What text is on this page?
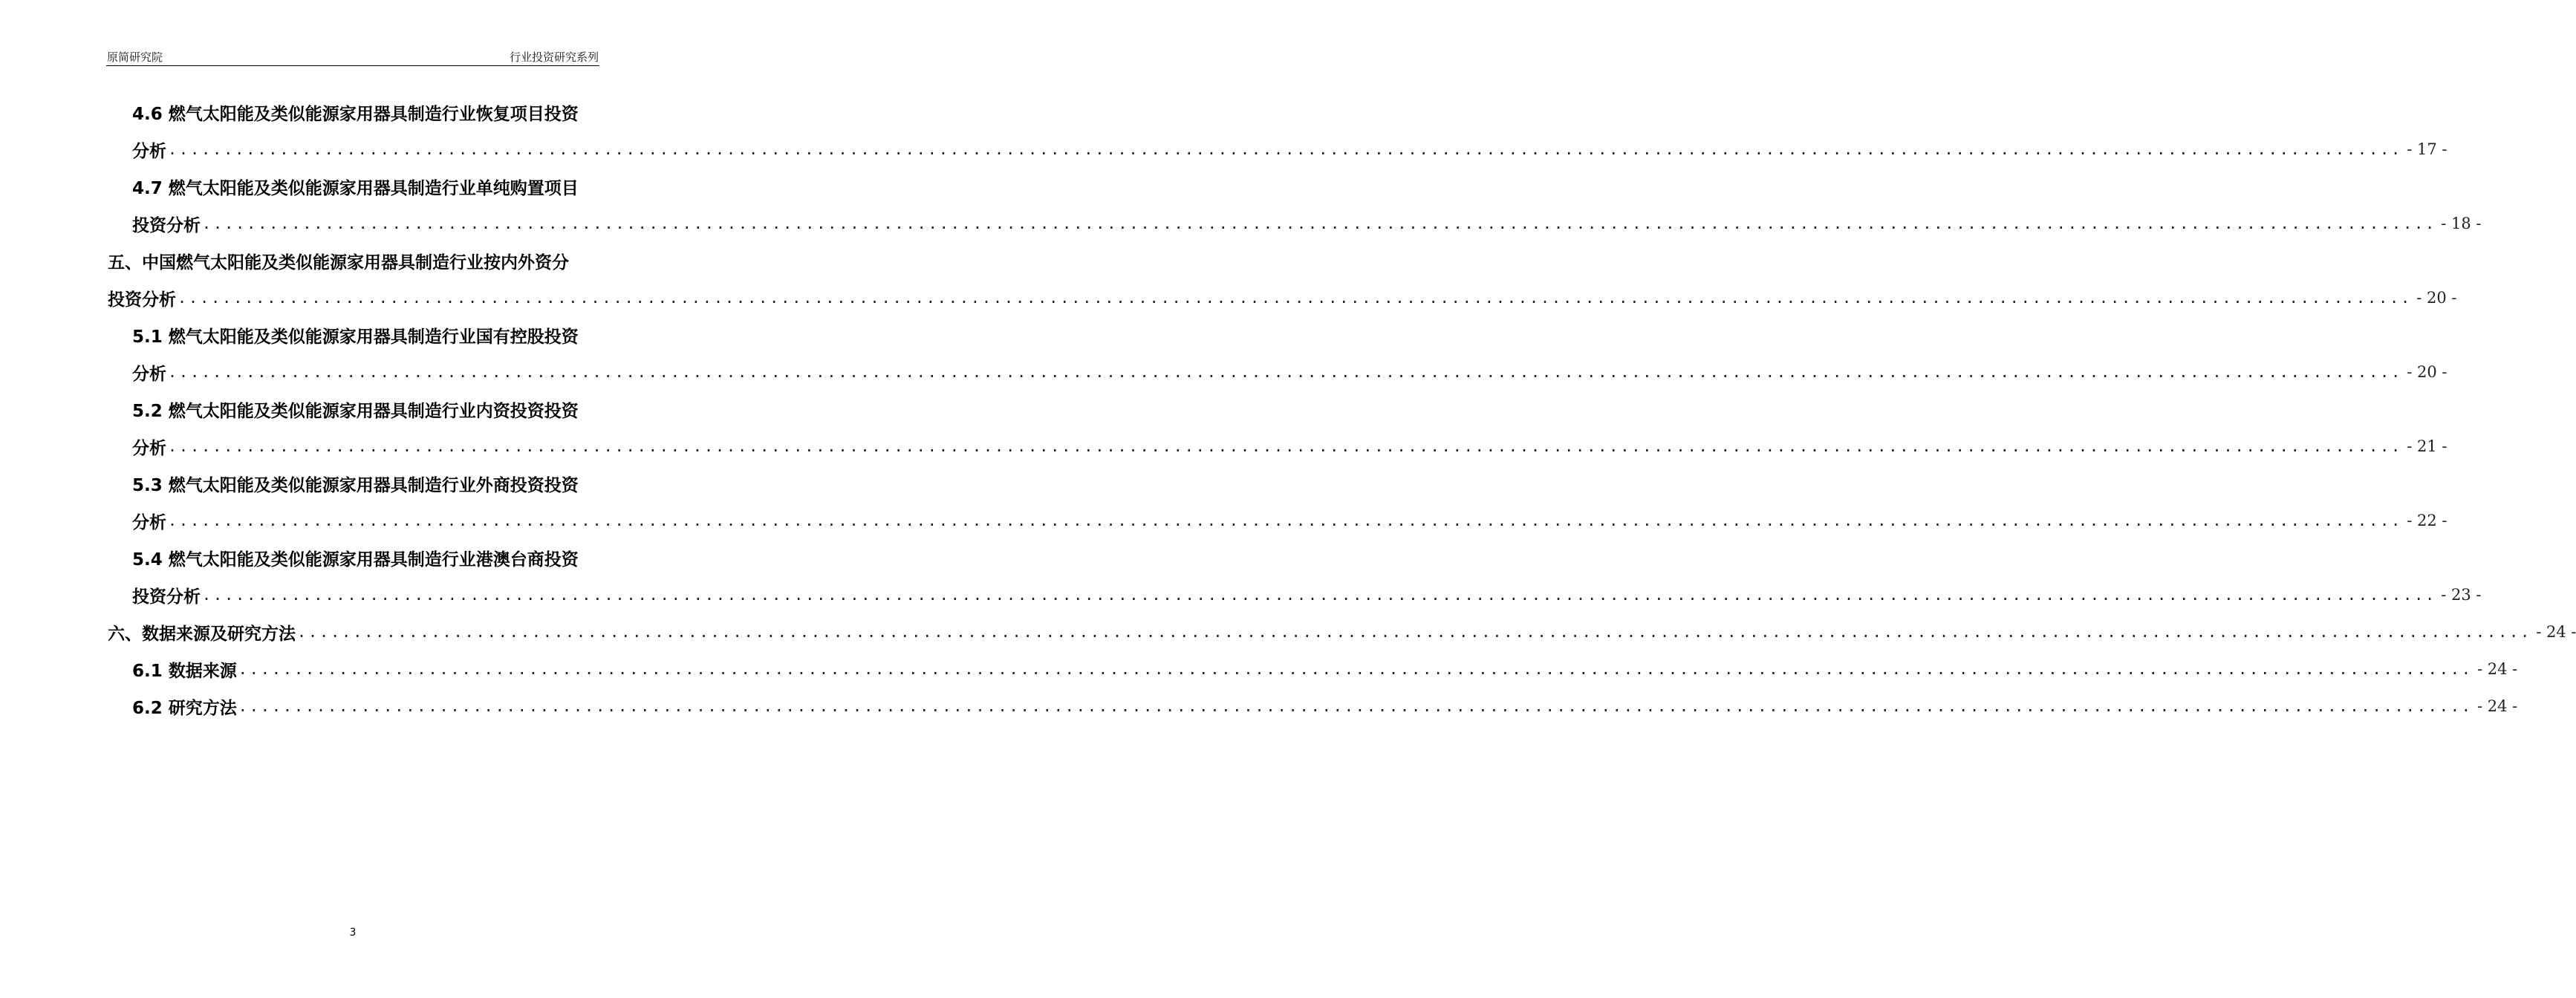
原简研究院	行业投资研究系列
4.6 燃气太阳能及类似能源家用器具制造行业恢复项目投资
分析 ........................................................................................................................................................................................................ - 17 -
4.7 燃气太阳能及类似能源家用器具制造行业单纯购置项目
投资分析 ........................................................................................................................................................................................................ - 18 -
五、中国燃气太阳能及类似能源家用器具制造行业按内外资分
投资分析 ........................................................................................................................................................................................................ - 20 -
5.1 燃气太阳能及类似能源家用器具制造行业国有控股投资
分析 ........................................................................................................................................................................................................ - 20 -
5.2 燃气太阳能及类似能源家用器具制造行业内资投资投资
分析 ........................................................................................................................................................................................................ - 21 -
5.3 燃气太阳能及类似能源家用器具制造行业外商投资投资
分析 ........................................................................................................................................................................................................ - 22 -
5.4 燃气太阳能及类似能源家用器具制造行业港澳台商投资
投资分析 ........................................................................................................................................................................................................ - 23 -
六、数据来源及研究方法 ........................................................................................................................................................................................................ - 24 -
6.1 数据来源 ........................................................................................................................................................................................................ - 24 -
6.2 研究方法 ........................................................................................................................................................................................................ - 24 -
3
